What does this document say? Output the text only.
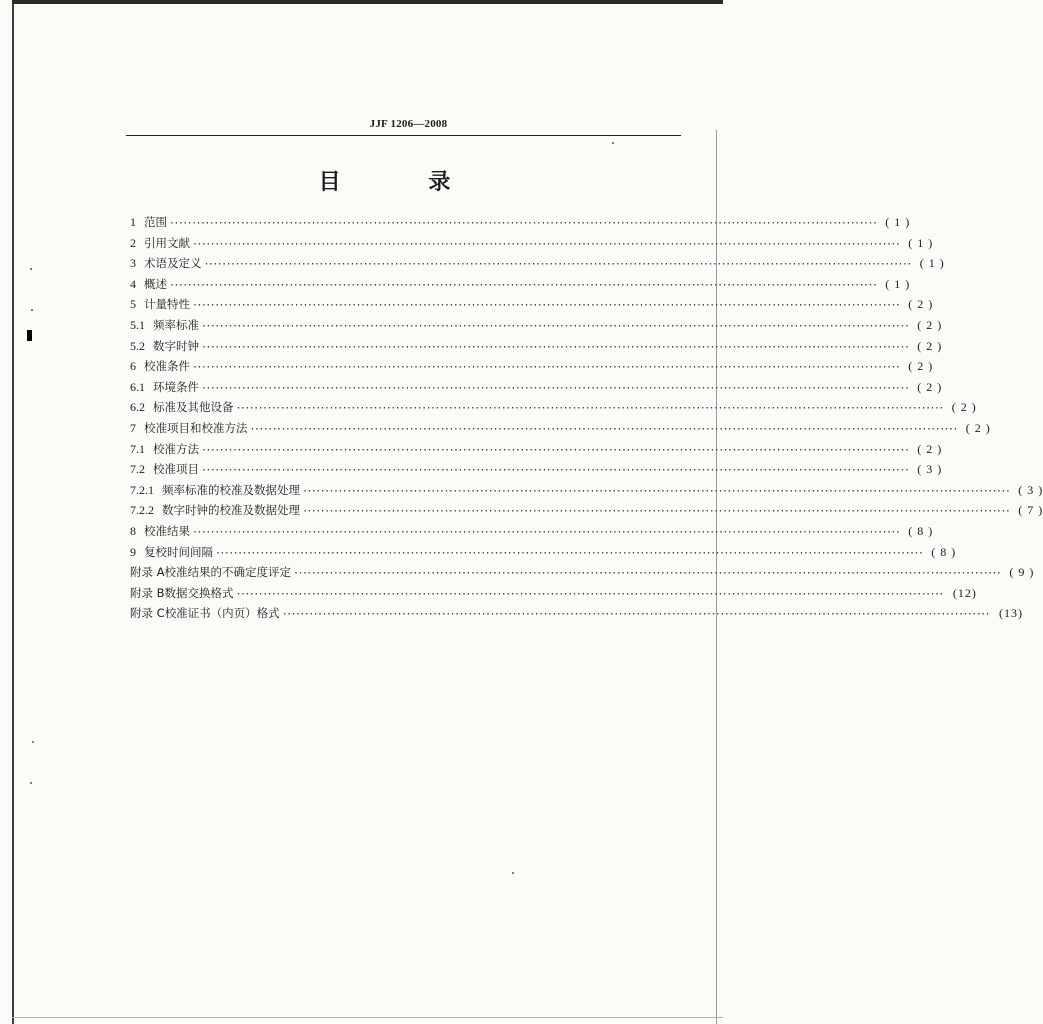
JJF 1206—2008
目 录
1 范围 ································································································································································ ( 1 )
2 引用文献 ································································································································································ ( 1 )
3 术语及定义 ································································································································································ ( 1 )
4 概述 ································································································································································ ( 1 )
5 计量特性 ································································································································································ ( 2 )
5.1 频率标准 ································································································································································ ( 2 )
5.2 数字时钟 ································································································································································ ( 2 )
6 校准条件 ································································································································································ ( 2 )
6.1 环境条件 ································································································································································ ( 2 )
6.2 标准及其他设备 ································································································································································ ( 2 )
7 校准项目和校准方法 ································································································································································ ( 2 )
7.1 校准方法 ································································································································································ ( 2 )
7.2 校准项目 ································································································································································ ( 3 )
7.2.1 频率标准的校准及数据处理 ································································································································································ ( 3 )
7.2.2 数字时钟的校准及数据处理 ································································································································································ ( 7 )
8 校准结果 ································································································································································ ( 8 )
9 复校时间间隔 ································································································································································ ( 8 )
附录 A 校准结果的不确定度评定 ································································································································································ ( 9 )
附录 B 数据交换格式 ································································································································································ (12)
附录 C 校准证书（内页）格式 ································································································································································ (13)
